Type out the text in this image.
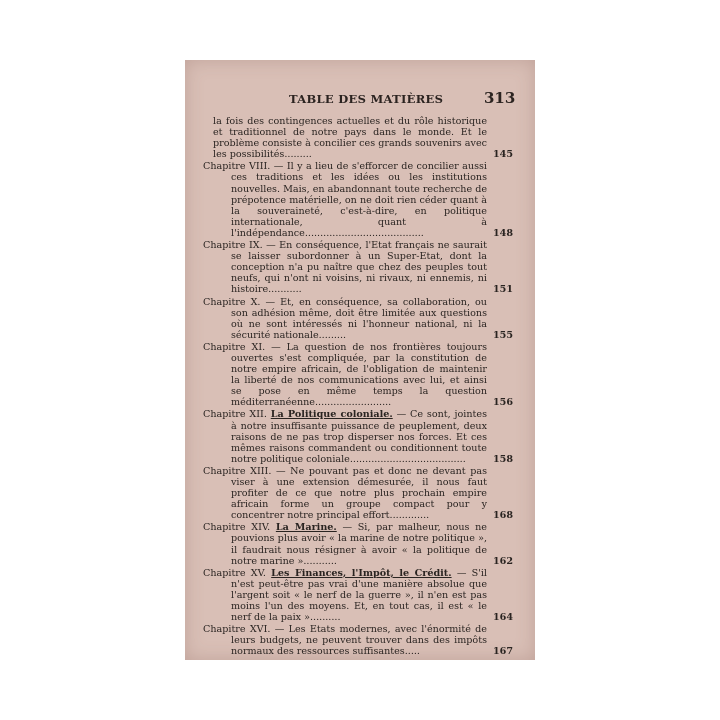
TABLE DES MATIÈRES	313
la fois des contingences actuelles et du rôle historique et traditionnel de notre pays dans le monde. Et le problème consiste à concilier ces grands souvenirs avec les possibilités.........	145
Chapitre VIII. — Il y a lieu de s'efforcer de concilier aussi ces traditions et les idées ou les institutions nouvelles. Mais, en abandonnant toute recherche de prépotence matérielle, on ne doit rien céder quant à la souveraineté, c'est-à-dire, en politique internationale, quant à l'indépendance.......................................	148
Chapitre IX. — En conséquence, l'Etat français ne saurait se laisser subordonner à un Super-Etat, dont la conception n'a pu naître que chez des peuples tout neufs, qui n'ont ni voisins, ni rivaux, ni ennemis, ni histoire...........	151
Chapitre X. — Et, en conséquence, sa collaboration, ou son adhésion même, doit être limitée aux questions où ne sont intéressés ni l'honneur national, ni la sécurité nationale.........	155
Chapitre XI. — La question de nos frontières toujours ouvertes s'est compliquée, par la constitution de notre empire africain, de l'obligation de maintenir la liberté de nos communications avec lui, et ainsi se pose en même temps la question méditerranéenne.........................	156
Chapitre XII. La Politique coloniale. — Ce sont, jointes à notre insuffisante puissance de peuplement, deux raisons de ne pas trop disperser nos forces. Et ces mêmes raisons commandent ou conditionnent toute notre politique coloniale......................................	158
Chapitre XIII. — Ne pouvant pas et donc ne devant pas viser à une extension démesurée, il nous faut profiter de ce que notre plus prochain empire africain forme un groupe compact pour y concentrer notre principal effort.............	168
Chapitre XIV. La Marine. — Si, par malheur, nous ne pouvions plus avoir « la marine de notre politique », il faudrait nous résigner à avoir « la politique de notre marine »...........	162
Chapitre XV. Les Finances, l'Impôt, le Crédit. — S'il n'est peut-être pas vrai d'une manière absolue que l'argent soit « le nerf de la guerre », il n'en est pas moins l'un des moyens. Et, en tout cas, il est « le nerf de la paix »..........	164
Chapitre XVI. — Les Etats modernes, avec l'énormité de leurs budgets, ne peuvent trouver dans des impôts normaux des ressources suffisantes.....	167
